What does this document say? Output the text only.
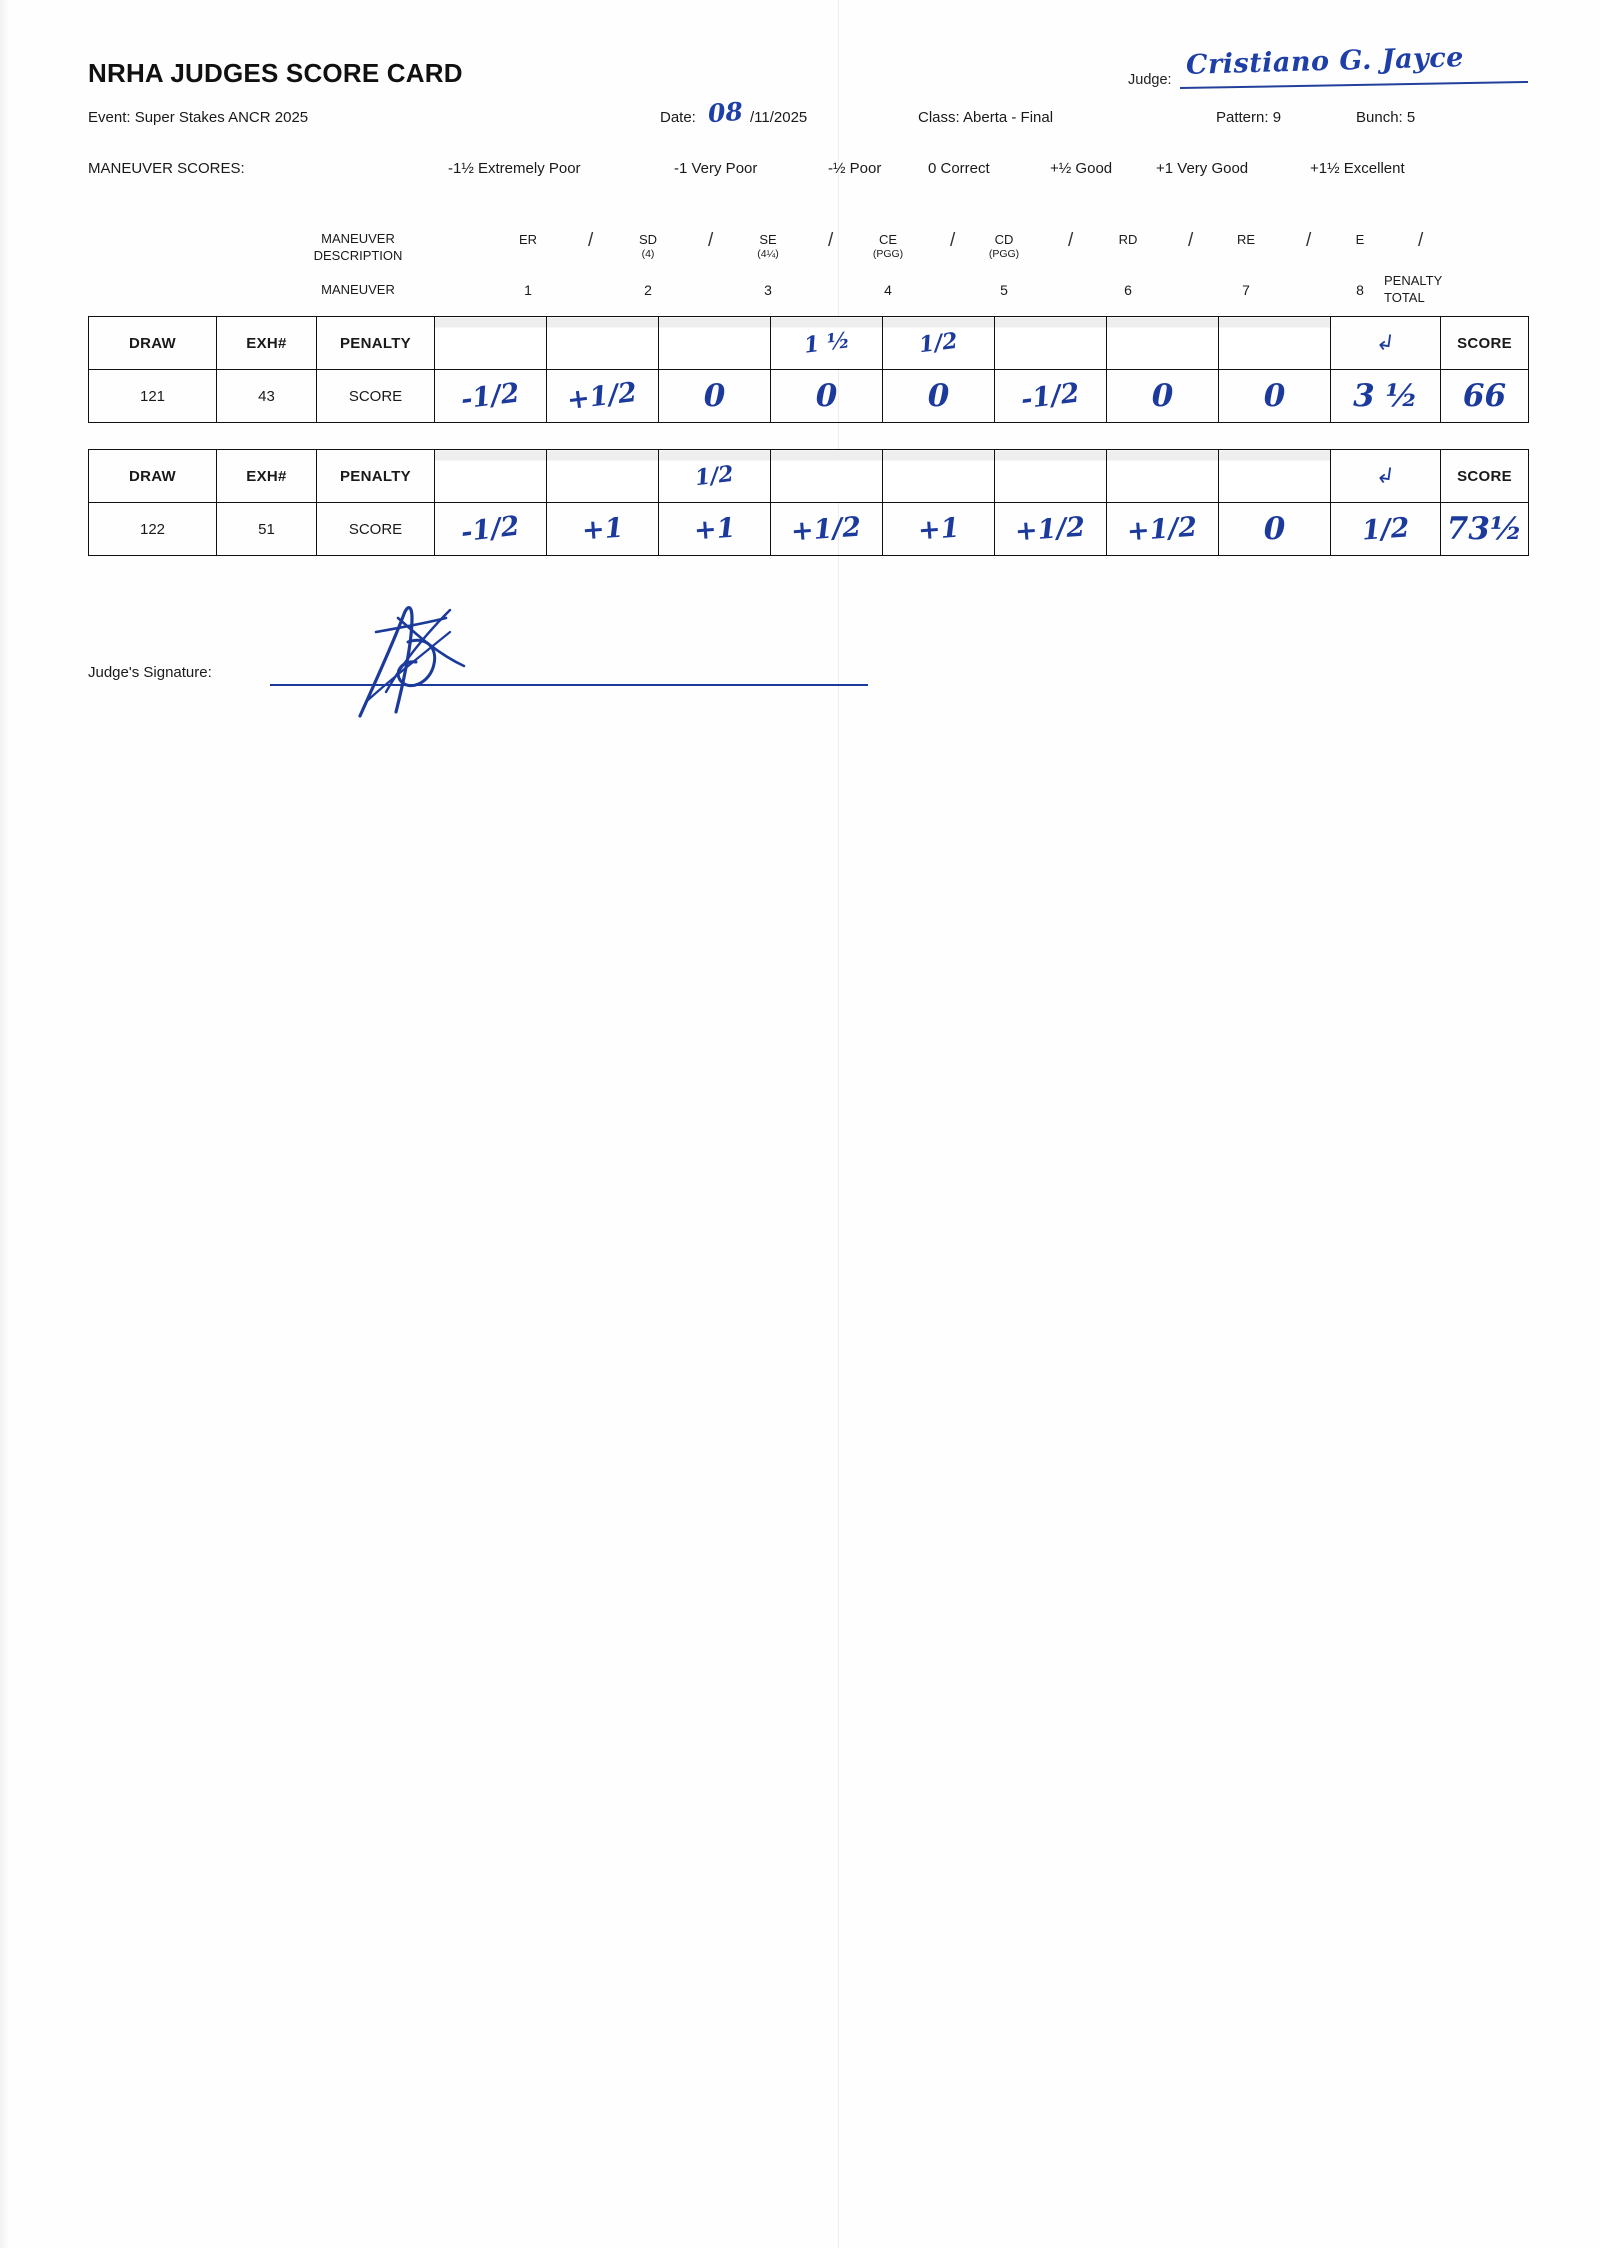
NRHA JUDGES SCORE CARD	Judge: Cristiano G. Jayce
Event: Super Stakes ANCR 2025	Date: 08 /11/2025	Class: Aberta - Final	Pattern: 9	Bunch: 5
MANEUVER SCORES:	-1½ Extremely Poor	-1 Very Poor	-½ Poor	0 Correct	+½ Good	+1 Very Good	+1½ Excellent
MANEUVER
DESCRIPTION
MANEUVER
ER	/	SD
(4)
/	SE
(4¼)
/	CE
(PGG)
/	CD
(PGG)
/	RD	/	RE	/	E	/
1	2	3	4	5	6	7	8
PENALTY
TOTAL
DRAW	EXH#	PENALTY				1 ½	1/2				↲	SCORE
121	43	SCORE	-1/2	+1/2	0	0	0	-1/2	0	0	3 ½	66
DRAW	EXH#	PENALTY			1/2						↲	SCORE
122	51	SCORE	-1/2	+1	+1	+1/2	+1	+1/2	+1/2	0	1/2	73½
Judge's Signature:
